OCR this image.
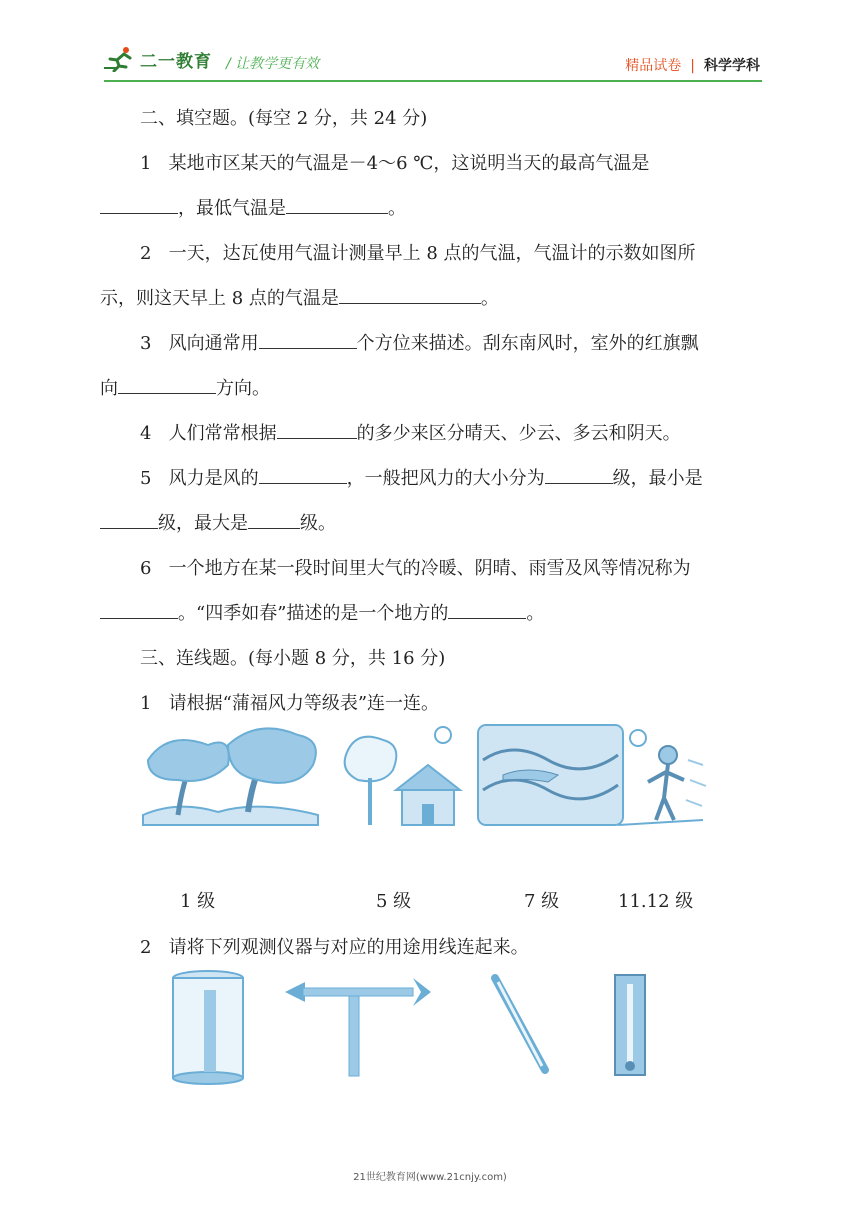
二一教育 / 让教学更有效	精品试卷 | 科学学科

二、填空题。(每空 2 分，共 24 分)

1 某地市区某天的气温是－4～6 ℃，这说明当天的最高气温是

，最低气温是	。

2 一天，达瓦使用气温计测量早上 8 点的气温，气温计的示数如图所

示，则这天早上 8 点的气温是	。

3 风向通常用	个方位来描述。刮东南风时，室外的红旗飘

向	方向。

4 人们常常根据	的多少来区分晴天、少云、多云和阴天。

5 风力是风的	，一般把风力的大小分为	级，最小是

级，最大是	级。

6 一个地方在某一段时间里大气的冷暖、阴晴、雨雪及风等情况称为

。“四季如春”描述的是一个地方的	。

三、连线题。(每小题 8 分，共 16 分)

1 请根据“蒲福风力等级表”连一连。

1 级	5 级	7 级	11.12 级

2 请将下列观测仪器与对应的用途用线连起来。

21世纪教育网(www.21cnjy.com)
